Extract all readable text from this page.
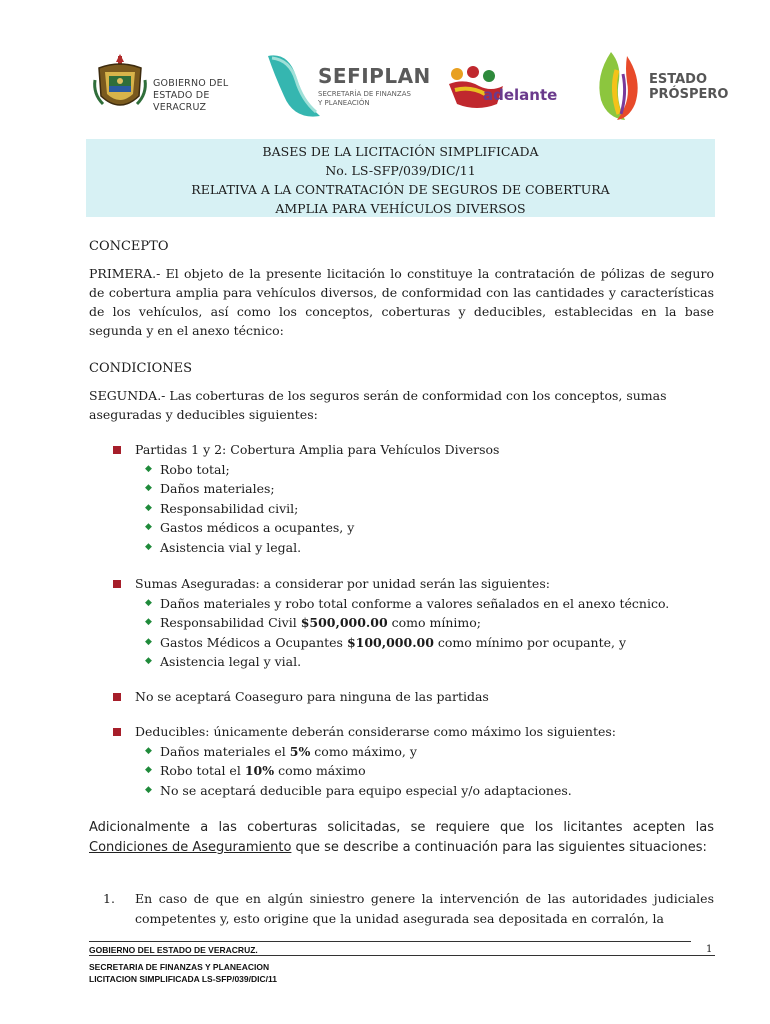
GOBIERNO DEL
ESTADO DE VERACRUZ
SEFIPLAN
SECRETARÍA DE FINANZAS
Y PLANEACIÓN	adelante
ESTADO
PRÓSPERO
BASES DE LA LICITACIÓN SIMPLIFICADA
No. LS-SFP/039/DIC/11
RELATIVA A LA CONTRATACIÓN DE SEGUROS DE COBERTURA
AMPLIA PARA VEHÍCULOS DIVERSOS
CONCEPTO
PRIMERA.- El objeto de la presente licitación lo constituye la contratación de pólizas de seguro de cobertura amplia para vehículos diversos, de conformidad con las cantidades y características de los vehículos, así como los conceptos, coberturas y deducibles, establecidas en la base segunda y en el anexo técnico:
CONDICIONES
SEGUNDA.- Las coberturas de los seguros serán de conformidad con los conceptos, sumas aseguradas y deducibles siguientes:
Partidas 1 y 2: Cobertura Amplia para Vehículos Diversos
◆ Robo total;
◆ Daños materiales;
◆ Responsabilidad civil;
◆ Gastos médicos a ocupantes, y
◆ Asistencia vial y legal.
Sumas Aseguradas: a considerar por unidad serán las siguientes:
◆ Daños materiales y robo total conforme a valores señalados en el anexo técnico.
◆ Responsabilidad Civil $500,000.00 como mínimo;
◆ Gastos Médicos a Ocupantes $100,000.00 como mínimo por ocupante, y
◆ Asistencia legal y vial.
No se aceptará Coaseguro para ninguna de las partidas
Deducibles: únicamente deberán considerarse como máximo los siguientes:
◆ Daños materiales el 5% como máximo, y
◆ Robo total el 10% como máximo
◆ No se aceptará deducible para equipo especial y/o adaptaciones.
Adicionalmente a las coberturas solicitadas, se requiere que los licitantes acepten las Condiciones de Aseguramiento que se describe a continuación para las siguientes situaciones:
1. En caso de que en algún siniestro genere la intervención de las autoridades judiciales competentes y, esto origine que la unidad asegurada sea depositada en corralón, la
GOBIERNO DEL ESTADO DE VERACRUZ.
SECRETARIA DE FINANZAS Y PLANEACION
LICITACION SIMPLIFICADA LS-SFP/039/DIC/11
1
